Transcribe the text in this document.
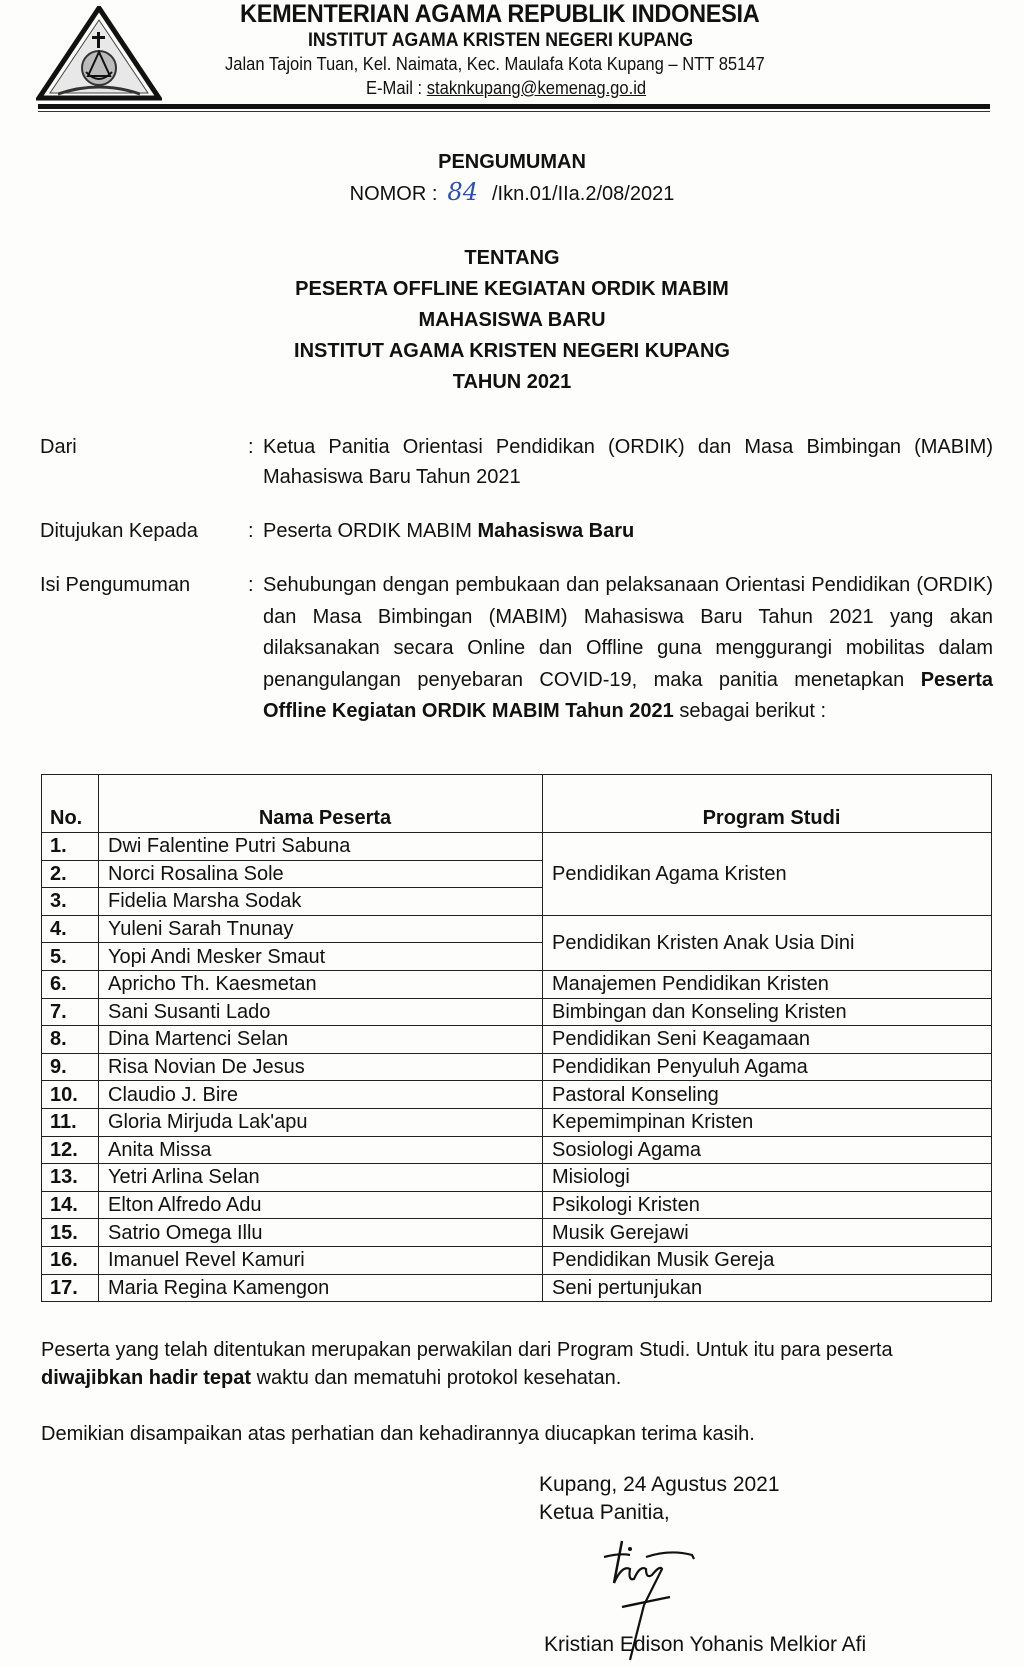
KEMENTERIAN AGAMA REPUBLIK INDONESIA
INSTITUT AGAMA KRISTEN NEGERI KUPANG
Jalan Tajoin Tuan, Kel. Naimata, Kec. Maulafa Kota Kupang – NTT 85147
E-Mail : staknkupang@kemenag.go.id
PENGUMUMAN
NOMOR : 84 /Ikn.01/IIa.2/08/2021
TENTANG
PESERTA OFFLINE KEGIATAN ORDIK MABIM
MAHASISWA BARU
INSTITUT AGAMA KRISTEN NEGERI KUPANG
TAHUN 2021
Dari	: Ketua Panitia Orientasi Pendidikan (ORDIK) dan Masa Bimbingan (MABIM) Mahasiswa Baru Tahun 2021
Ditujukan Kepada	: Peserta ORDIK MABIM Mahasiswa Baru
Isi Pengumuman	: Sehubungan dengan pembukaan dan pelaksanaan Orientasi Pendidikan (ORDIK) dan Masa Bimbingan (MABIM) Mahasiswa Baru Tahun 2021 yang akan dilaksanakan secara Online dan Offline guna menggurangi mobilitas dalam penangulangan penyebaran COVID-19, maka panitia menetapkan Peserta Offline Kegiatan ORDIK MABIM Tahun 2021 sebagai berikut :
No.	Nama Peserta	Program Studi
1.	Dwi Falentine Putri Sabuna	Pendidikan Agama Kristen
2.	Norci Rosalina Sole	
3.	Fidelia Marsha Sodak	
4.	Yuleni Sarah Tnunay	Pendidikan Kristen Anak Usia Dini
5.	Yopi Andi Mesker Smaut	
6.	Apricho Th. Kaesmetan	Manajemen Pendidikan Kristen
7.	Sani Susanti Lado	Bimbingan dan Konseling Kristen
8.	Dina Martenci Selan	Pendidikan Seni Keagamaan
9.	Risa Novian De Jesus	Pendidikan Penyuluh Agama
10.	Claudio J. Bire	Pastoral Konseling
11.	Gloria Mirjuda Lak'apu	Kepemimpinan Kristen
12.	Anita Missa	Sosiologi Agama
13.	Yetri Arlina Selan	Misiologi
14.	Elton Alfredo Adu	Psikologi Kristen
15.	Satrio Omega Illu	Musik Gerejawi
16.	Imanuel Revel Kamuri	Pendidikan Musik Gereja
17.	Maria Regina Kamengon	Seni pertunjukan
Peserta yang telah ditentukan merupakan perwakilan dari Program Studi. Untuk itu para peserta diwajibkan hadir tepat waktu dan mematuhi protokol kesehatan.
Demikian disampaikan atas perhatian dan kehadirannya diucapkan terima kasih.
Kupang, 24 Agustus 2021
Ketua Panitia,
Kristian Edison Yohanis Melkior Afi
